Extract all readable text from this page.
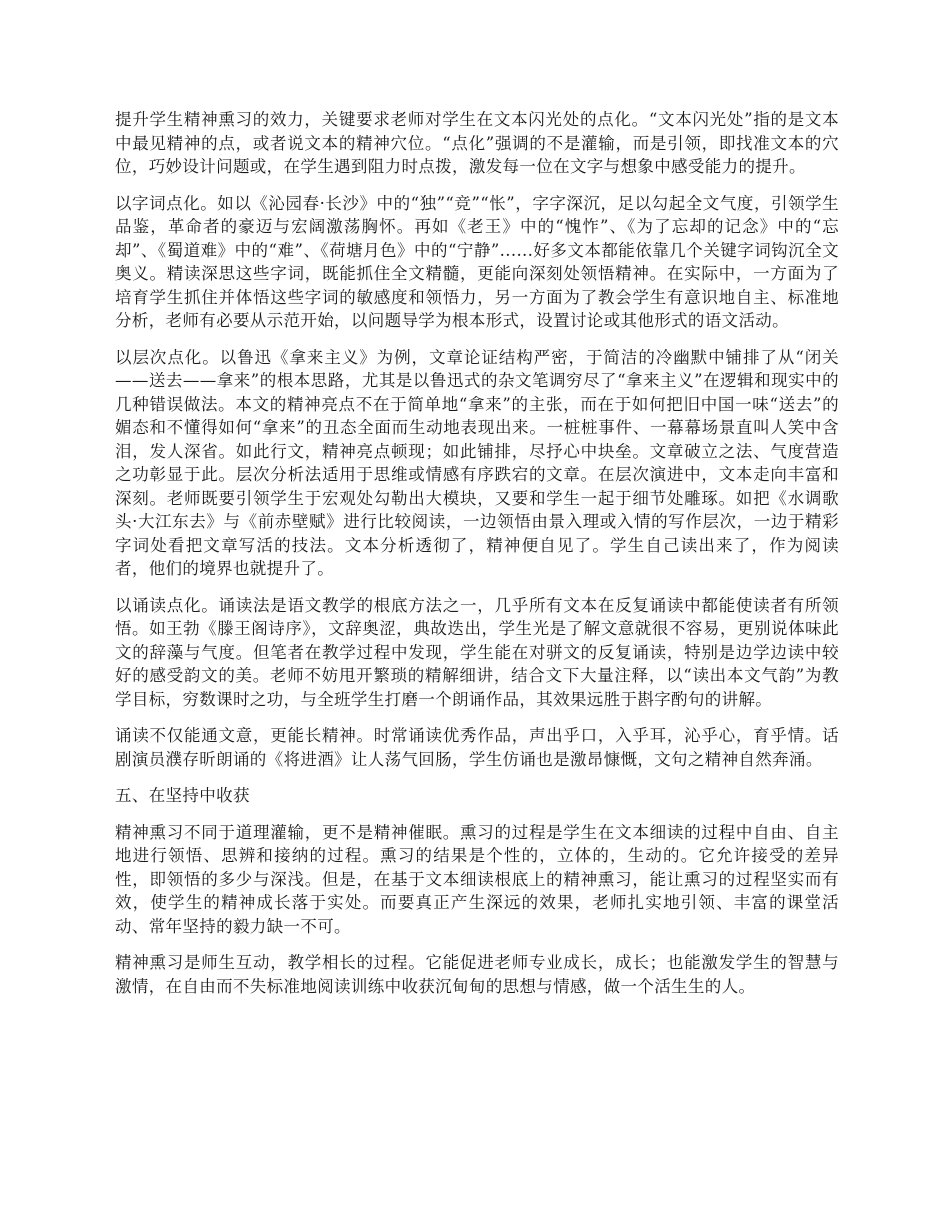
提升学生精神熏习的效力，关键要求老师对学生在文本闪光处的点化。“文本闪光处”指的是文本中最见精神的点，或者说文本的精神穴位。“点化”强调的不是灌输，而是引领，即找准文本的穴位，巧妙设计问题或，在学生遇到阻力时点拨，激发每一位在文字与想象中感受能力的提升。

以字词点化。如以《沁园春·长沙》中的“独”“竞”“怅”，字字深沉，足以勾起全文气度，引领学生品鉴，革命者的豪迈与宏阔激荡胸怀。再如《老王》中的“愧怍”、《为了忘却的记念》中的“忘却”、《蜀道难》中的“难”、《荷塘月色》中的“宁静”......好多文本都能依靠几个关键字词钩沉全文奥义。精读深思这些字词，既能抓住全文精髓，更能向深刻处领悟精神。在实际中，一方面为了培育学生抓住并体悟这些字词的敏感度和领悟力，另一方面为了教会学生有意识地自主、标准地分析，老师有必要从示范开始，以问题导学为根本形式，设置讨论或其他形式的语文活动。

以层次点化。以鲁迅《拿来主义》为例，文章论证结构严密，于简洁的冷幽默中铺排了从“闭关——送去——拿来”的根本思路，尤其是以鲁迅式的杂文笔调穷尽了“拿来主义”在逻辑和现实中的几种错误做法。本文的精神亮点不在于简单地“拿来”的主张，而在于如何把旧中国一味“送去”的媚态和不懂得如何“拿来”的丑态全面而生动地表现出来。一桩桩事件、一幕幕场景直叫人笑中含泪，发人深省。如此行文，精神亮点顿现；如此铺排，尽抒心中块垒。文章破立之法、气度营造之功彰显于此。层次分析法适用于思维或情感有序跌宕的文章。在层次演进中，文本走向丰富和深刻。老师既要引领学生于宏观处勾勒出大模块，又要和学生一起于细节处雕琢。如把《水调歌头·大江东去》与《前赤壁赋》进行比较阅读，一边领悟由景入理或入情的写作层次，一边于精彩字词处看把文章写活的技法。文本分析透彻了，精神便自见了。学生自己读出来了，作为阅读者，他们的境界也就提升了。

以诵读点化。诵读法是语文教学的根底方法之一，几乎所有文本在反复诵读中都能使读者有所领悟。如王勃《滕王阁诗序》，文辞奥涩，典故迭出，学生光是了解文意就很不容易，更别说体味此文的辞藻与气度。但笔者在教学过程中发现，学生能在对骈文的反复诵读，特别是边学边读中较好的感受韵文的美。老师不妨甩开繁琐的精解细讲，结合文下大量注释，以“读出本文气韵”为教学目标，穷数课时之功，与全班学生打磨一个朗诵作品，其效果远胜于斟字酌句的讲解。

诵读不仅能通文意，更能长精神。时常诵读优秀作品，声出乎口，入乎耳，沁乎心，育乎情。话剧演员濮存昕朗诵的《将进酒》让人荡气回肠，学生仿诵也是激昂慷慨，文句之精神自然奔涌。

五、在坚持中收获

精神熏习不同于道理灌输，更不是精神催眠。熏习的过程是学生在文本细读的过程中自由、自主地进行领悟、思辨和接纳的过程。熏习的结果是个性的，立体的，生动的。它允许接受的差异性，即领悟的多少与深浅。但是，在基于文本细读根底上的精神熏习，能让熏习的过程坚实而有效，使学生的精神成长落于实处。而要真正产生深远的效果，老师扎实地引领、丰富的课堂活动、常年坚持的毅力缺一不可。

精神熏习是师生互动，教学相长的过程。它能促进老师专业成长，成长；也能激发学生的智慧与激情，在自由而不失标准地阅读训练中收获沉甸甸的思想与情感，做一个活生生的人。
